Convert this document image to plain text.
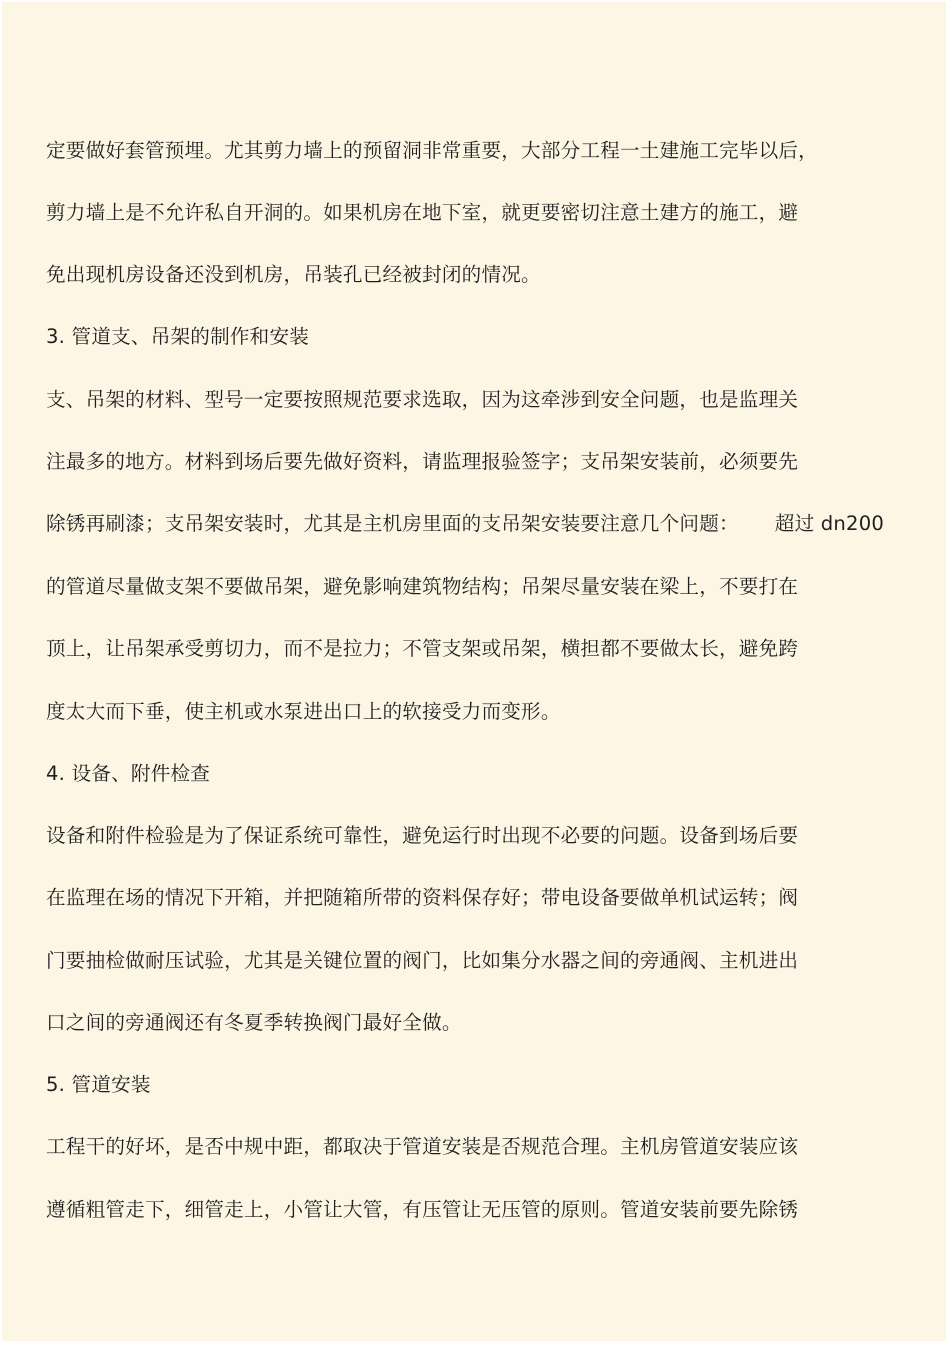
定要做好套管预埋。尤其剪力墙上的预留洞非常重要，大部分工程一土建施工完毕以后，
剪力墙上是不允许私自开洞的。如果机房在地下室，就更要密切注意土建方的施工，避
免出现机房设备还没到机房，吊装孔已经被封闭的情况。
3. 管道支、吊架的制作和安装
支、吊架的材料、型号一定要按照规范要求选取，因为这牵涉到安全问题，也是监理关
注最多的地方。材料到场后要先做好资料，请监理报验签字；支吊架安装前，必须要先
除锈再刷漆；支吊架安装时，尤其是主机房里面的支吊架安装要注意几个问题： 超过 dn200
的管道尽量做支架不要做吊架，避免影响建筑物结构；吊架尽量安装在梁上，不要打在
顶上，让吊架承受剪切力，而不是拉力；不管支架或吊架，横担都不要做太长，避免跨
度太大而下垂，使主机或水泵进出口上的软接受力而变形。
4. 设备、附件检查
设备和附件检验是为了保证系统可靠性，避免运行时出现不必要的问题。设备到场后要
在监理在场的情况下开箱，并把随箱所带的资料保存好；带电设备要做单机试运转；阀
门要抽检做耐压试验，尤其是关键位置的阀门，比如集分水器之间的旁通阀、主机进出
口之间的旁通阀还有冬夏季转换阀门最好全做。
5. 管道安装
工程干的好坏，是否中规中距，都取决于管道安装是否规范合理。主机房管道安装应该
遵循粗管走下，细管走上，小管让大管，有压管让无压管的原则。管道安装前要先除锈
